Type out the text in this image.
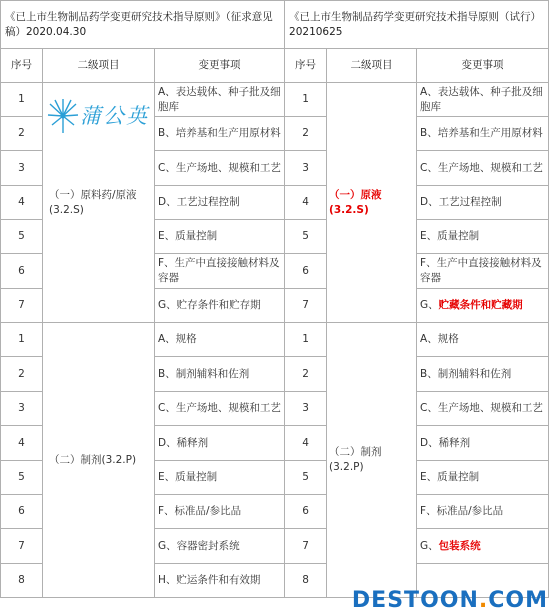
《已上市生物制品药学变更研究技术指导原则》（征求意见稿）2020.04.30			《已上市生物制品药学变更研究技术指导原则（试行）20210625		
序号	二级项目	变更事项	序号	二级项目	变更事项
1	（一）原料药/原液(3.2.S)	A、表达载体、种子批及细胞库	1	（一）原液(3.2.S)	A、表达载体、种子批及细胞库
2		B、培养基和生产用原材料	2		B、培养基和生产用原材料
3		C、生产场地、规模和工艺	3		C、生产场地、规模和工艺
4		D、工艺过程控制	4		D、工艺过程控制
5		E、质量控制	5		E、质量控制
6		F、生产中直接接触材料及容器	6		F、生产中直接接触材料及容器
7		G、贮存条件和贮存期	7		G、贮藏条件和贮藏期
1	（二）制剂(3.2.P)	A、规格	1	（二）制剂(3.2.P)	A、规格
2		B、制剂辅料和佐剂	2		B、制剂辅料和佐剂
3		C、生产场地、规模和工艺	3		C、生产场地、规模和工艺
4		D、稀释剂	4		D、稀释剂
5		E、质量控制	5		E、质量控制
6		F、标准品/参比品	6		F、标准品/参比品
7		G、容器密封系统	7		G、包装系统
8		H、贮运条件和有效期	8		
蒲公英
DESTOON.COM
